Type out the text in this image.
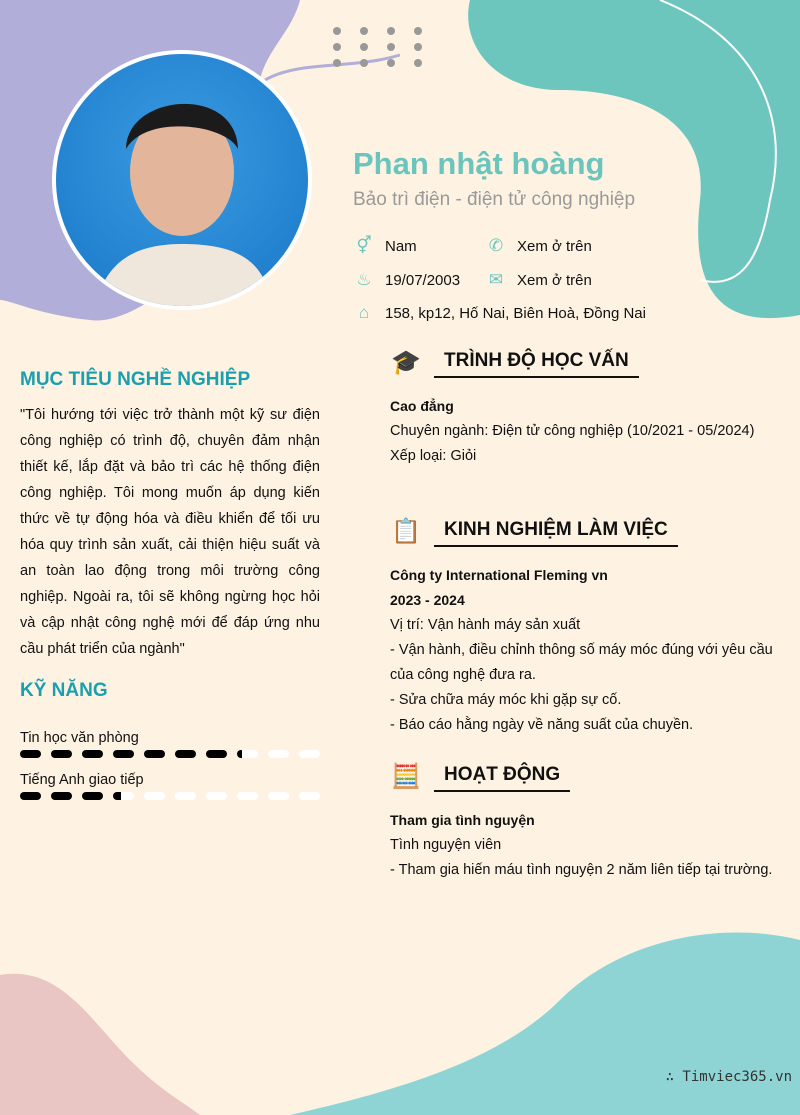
Phan nhật hoàng
Bảo trì điện - điện tử công nghiệp
⚥ Nam	✆ Xem ở trên
♨ 19/07/2003 ✉ Xem ở trên
⌂ 158, kp12, Hố Nai, Biên Hoà, Đồng Nai
MỤC TIÊU NGHỀ NGHIỆP
"Tôi hướng tới việc trở thành một kỹ sư điện công nghiệp có trình độ, chuyên đảm nhận thiết kế, lắp đặt và bảo trì các hệ thống điện công nghiệp. Tôi mong muốn áp dụng kiến thức về tự động hóa và điều khiển để tối ưu hóa quy trình sản xuất, cải thiện hiệu suất và an toàn lao động trong môi trường công nghiệp. Ngoài ra, tôi sẽ không ngừng học hỏi và cập nhật công nghệ mới để đáp ứng nhu cầu phát triển của ngành"
KỸ NĂNG
Tin học văn phòng
Tiếng Anh giao tiếp
🎓	TRÌNH ĐỘ HỌC VẤN
Cao đẳng
Chuyên ngành: Điện tử công nghiệp (10/2021 - 05/2024)
Xếp loại: Giỏi
📋	KINH NGHIỆM LÀM VIỆC
Công ty International Fleming vn
2023 - 2024
Vị trí: Vận hành máy sản xuất
- Vận hành, điều chỉnh thông số máy móc đúng với yêu cầu của công nghệ đưa ra.
- Sửa chữa máy móc khi gặp sự cố.
- Báo cáo hằng ngày về năng suất của chuyền.
🧮	HOẠT ĐỘNG
Tham gia tình nguyện
Tình nguyện viên
- Tham gia hiến máu tình nguyện 2 năm liên tiếp tại trường.
∴ Timviec365.vn
